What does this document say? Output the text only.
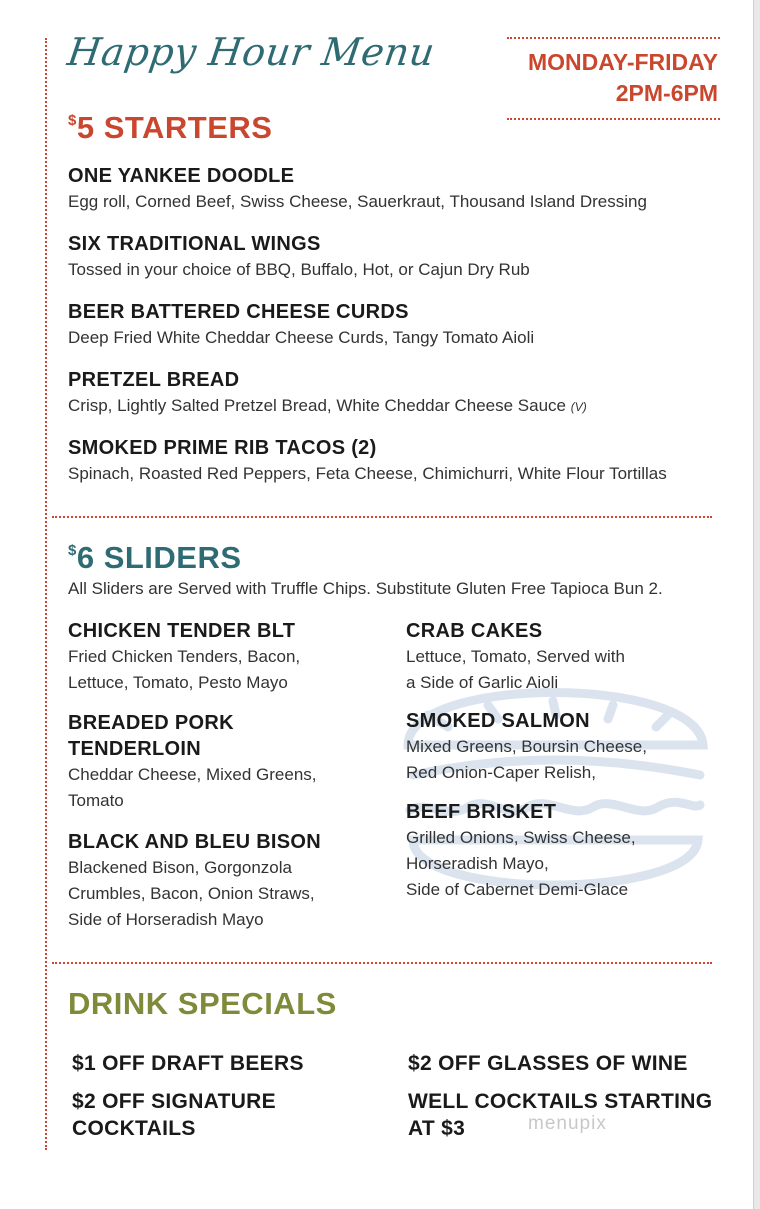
Happy Hour Menu	MONDAY-FRIDAY
2PM-6PM
$5 STARTERS
ONE YANKEE DOODLE
Egg roll, Corned Beef, Swiss Cheese, Sauerkraut, Thousand Island Dressing
SIX TRADITIONAL WINGS
Tossed in your choice of BBQ, Buffalo, Hot, or Cajun Dry Rub
BEER BATTERED CHEESE CURDS
Deep Fried White Cheddar Cheese Curds, Tangy Tomato Aioli
PRETZEL BREAD
Crisp, Lightly Salted Pretzel Bread, White Cheddar Cheese Sauce (V)
SMOKED PRIME RIB TACOS (2)
Spinach, Roasted Red Peppers, Feta Cheese, Chimichurri, White Flour Tortillas
$6 SLIDERS
All Sliders are Served with Truffle Chips. Substitute Gluten Free Tapioca Bun 2.
CHICKEN TENDER BLT
Fried Chicken Tenders, Bacon,
Lettuce, Tomato, Pesto Mayo
BREADED PORK
TENDERLOIN
Cheddar Cheese, Mixed Greens,
Tomato
BLACK AND BLEU BISON
Blackened Bison, Gorgonzola
Crumbles, Bacon, Onion Straws,
Side of Horseradish Mayo
CRAB CAKES
Lettuce, Tomato, Served with
a Side of Garlic Aioli
SMOKED SALMON
Mixed Greens, Boursin Cheese,
Red Onion-Caper Relish,
BEEF BRISKET
Grilled Onions, Swiss Cheese,
Horseradish Mayo,
Side of Cabernet Demi-Glace
DRINK SPECIALS
$1 OFF DRAFT BEERS	$2 OFF GLASSES OF WINE
$2 OFF SIGNATURE
COCKTAILS
WELL COCKTAILS STARTING
AT $3	menupix
